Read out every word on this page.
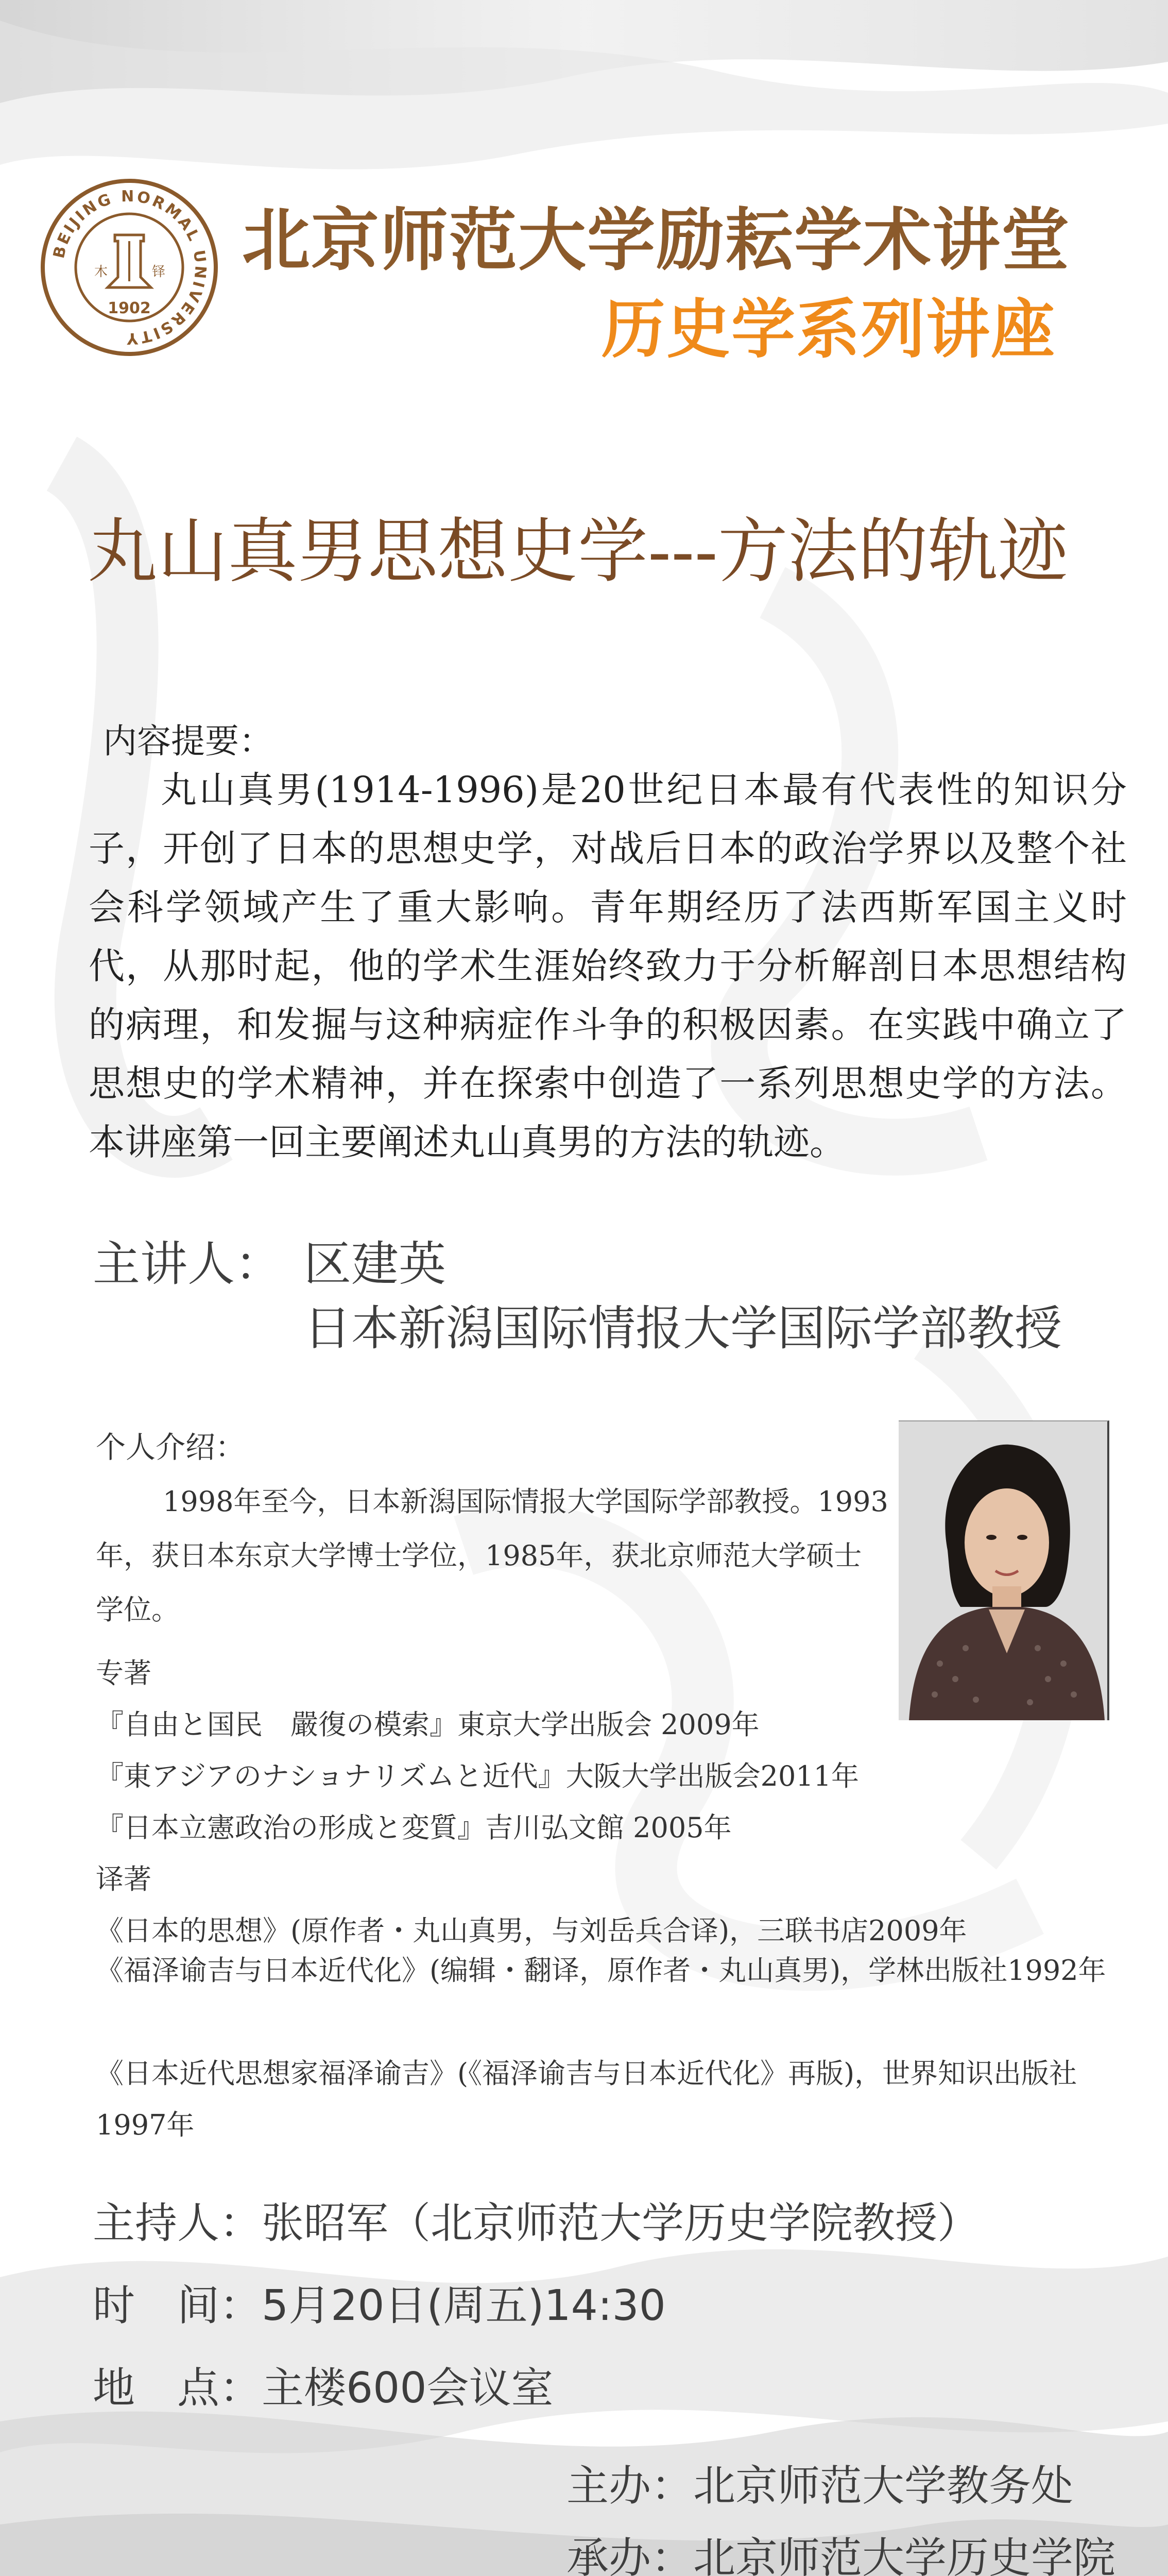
BEIJING NORMAL UNIVERSITY
木	铎
1902
北京师范大学励耘学术讲堂
历史学系列讲座
丸山真男思想史学---方法的轨迹
内容提要：
丸山真男(1914-1996)是20世纪日本最有代表性的知识分子，开创了日本的思想史学，对战后日本的政治学界以及整个社会科学领域产生了重大影响。青年期经历了法西斯军国主义时代，从那时起，他的学术生涯始终致力于分析解剖日本思想结构的病理，和发掘与这种病症作斗争的积极因素。在实践中确立了思想史的学术精神，并在探索中创造了一系列思想史学的方法。本讲座第一回主要阐述丸山真男的方法的轨迹。
主讲人： 区建英
日本新潟国际情报大学国际学部教授
个人介绍：
1998年至今，日本新潟国际情报大学国际学部教授。1993年，获日本东京大学博士学位，1985年，获北京师范大学硕士学位。
专著
『自由と国民　嚴復の模索』東京大学出版会 2009年
『東アジアのナショナリズムと近代』大阪大学出版会2011年
『日本立憲政治の形成と変質』吉川弘文館 2005年
译著
《日本的思想》(原作者・丸山真男，与刘岳兵合译)，三联书店2009年
《福泽谕吉与日本近代化》(编辑・翻译，原作者・丸山真男)，学林出版社1992年
《日本近代思想家福泽谕吉》(《福泽谕吉与日本近代化》再版)，世界知识出版社1997年
主持人：张昭军（北京师范大学历史学院教授）
时　间：5月20日(周五)14:30
地　点：主楼600会议室
主办：北京师范大学教务处
承办：北京师范大学历史学院
